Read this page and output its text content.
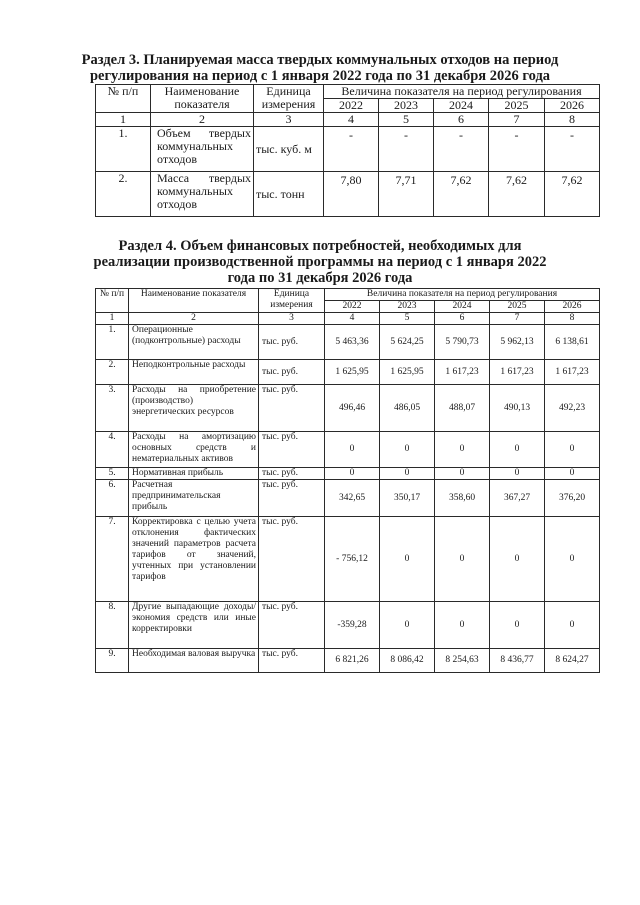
Раздел 3. Планируемая масса твердых коммунальных отходов на период
регулирования на период с 1 января 2022 года по 31 декабря 2026 года
№ п/п	Наименование показателя	Единица измерения	Величина показателя на период регулирования				
			2022	2023	2024	2025	2026
1	2	3	4	5	6	7	8
1.	Объем твердых коммунальных отходов	тыс. куб. м	-	-	-	-	-
2.	Масса твердых коммунальных отходов	тыс. тонн	7,80	7,71	7,62	7,62	7,62
Раздел 4. Объем финансовых потребностей, необходимых для
реализации производственной программы на период с 1 января 2022
года по 31 декабря 2026 года
№ п/п	Наименование показателя	Единица измерения	Величина показателя на период регулирования				
			2022	2023	2024	2025	2026
1	2	3	4	5	6	7	8
1.	Операционные (подконтрольные) расходы	тыс. руб.	5 463,36	5 624,25	5 790,73	5 962,13	6 138,61
2.	Неподконтрольные расходы	тыс. руб.	1 625,95	1 625,95	1 617,23	1 617,23	1 617,23
3.	Расходы на приобретение (производство) энергетических ресурсов	тыс. руб.	496,46	486,05	488,07	490,13	492,23
4.	Расходы на амортизацию основных средств и нематериальных активов	тыс. руб.	0	0	0	0	0
5.	Нормативная прибыль	тыс. руб.	0	0	0	0	0
6.	Расчетная предпринимательская прибыль	тыс. руб.	342,65	350,17	358,60	367,27	376,20
7.	Корректировка с целью учета отклонения фактических значений параметров расчета тарифов от значений, учтенных при установлении тарифов	тыс. руб.	- 756,12	0	0	0	0
8.	Другие выпадающие доходы/экономия средств или иные корректировки	тыс. руб.	-359,28	0	0	0	0
9.	Необходимая валовая выручка	тыс. руб.	6 821,26	8 086,42	8 254,63	8 436,77	8 624,27
